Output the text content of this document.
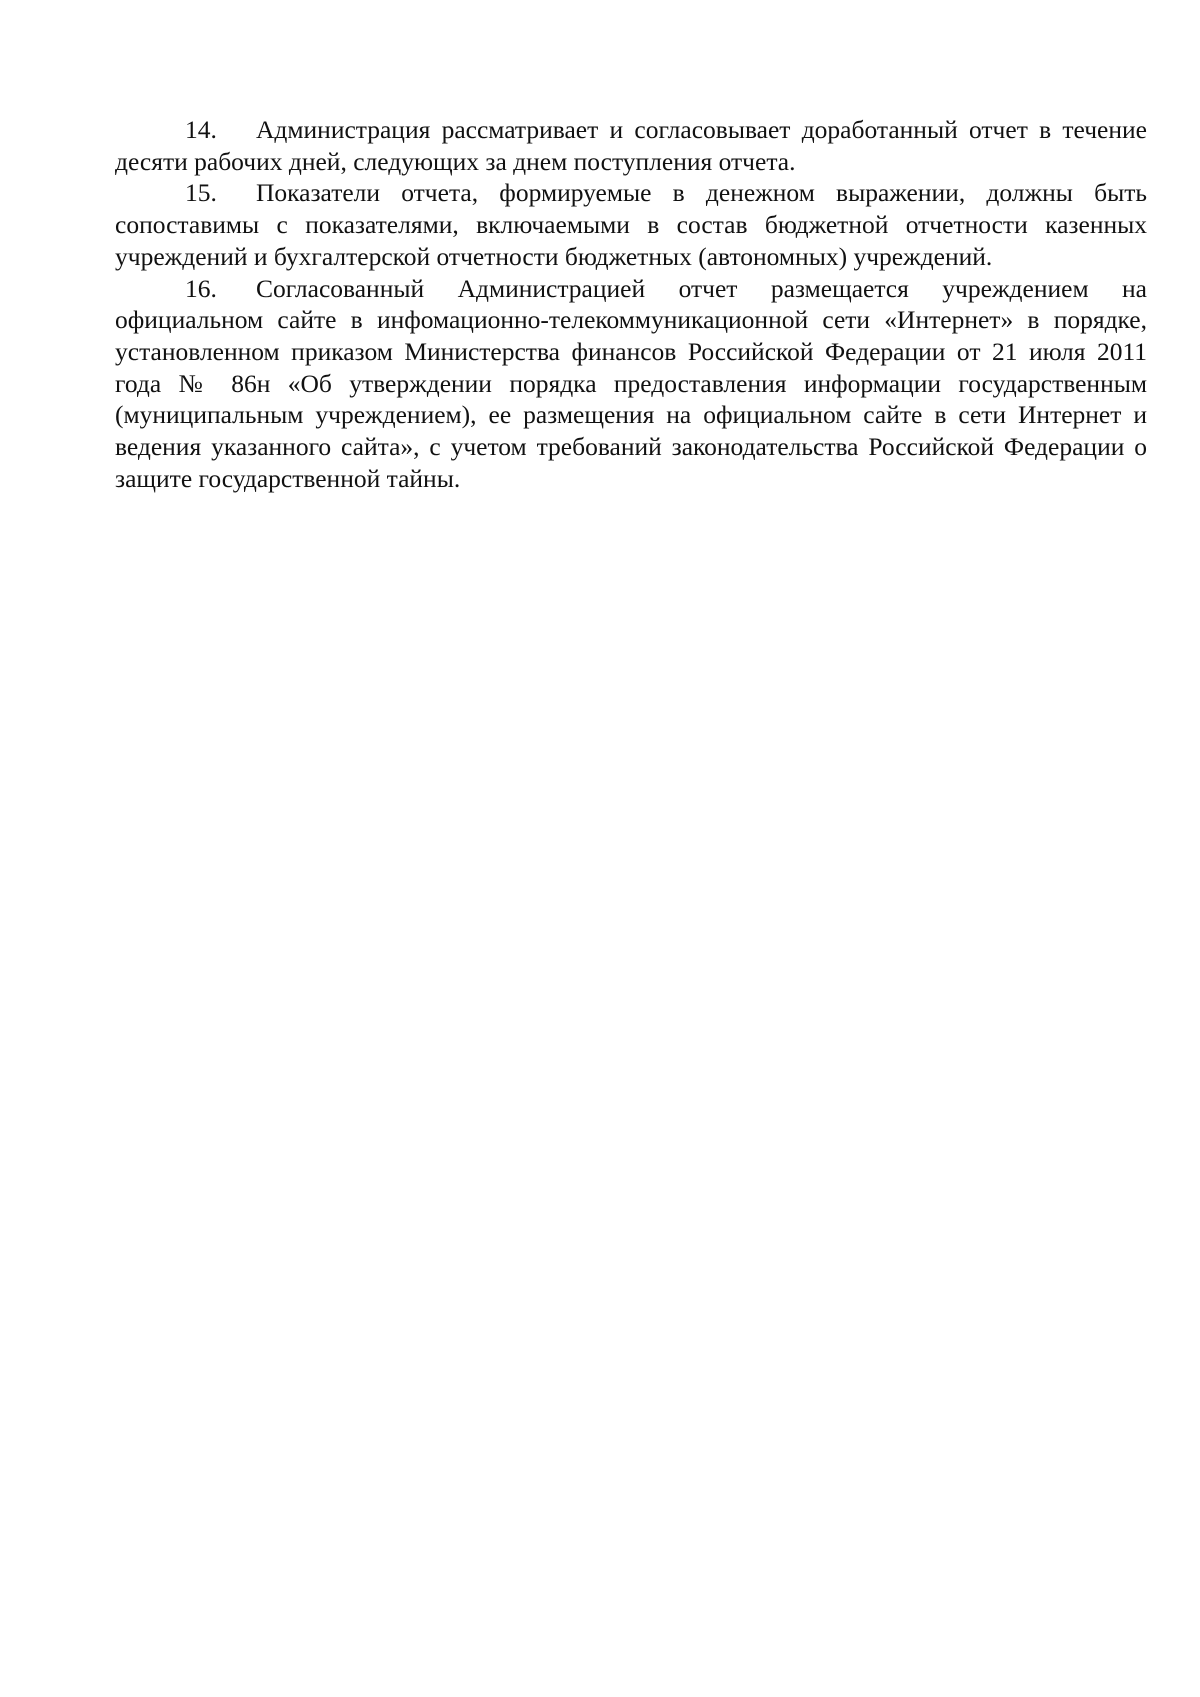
14. Администрация рассматривает и согласовывает доработанный отчет в течение десяти рабочих дней, следующих за днем поступления отчета.

15. Показатели отчета, формируемые в денежном выражении, должны быть сопоставимы с показателями, включаемыми в состав бюджетной отчетности казенных учреждений и бухгалтерской отчетности бюджетных (автономных) учреждений.

16. Согласованный Администрацией отчет размещается учреждением на официальном сайте в инфомационно-телекоммуникационной сети «Интернет» в порядке, установленном приказом Министерства финансов Российской Федерации от 21 июля 2011 года № 86н «Об утверждении порядка предоставления информации государственным (муниципальным учреждением), ее размещения на официальном сайте в сети Интернет и ведения указанного сайта», с учетом требований законодательства Российской Федерации о защите государственной тайны.
